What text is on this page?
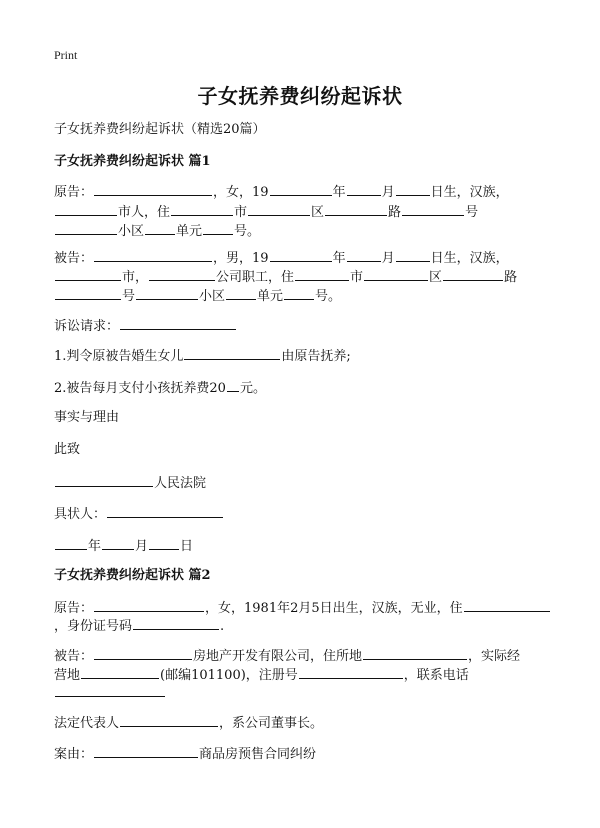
Print
子女抚养费纠纷起诉状
子女抚养费纠纷起诉状（精选20篇）
子女抚养费纠纷起诉状 篇1
原告：	，女，19	年	月	日生，汉族，
市人，住	市	区	路	号
小区 单元 号。
被告：	，男，19	年	月	日生，汉族，
市，	公司职工，住	市	区	路
号	小区 单元 号。
诉讼请求：
1.判令原被告婚生女儿	由原告抚养;
2.被告每月支付小孩抚养费20 元。
事实与理由
此致
人民法院
具状人：
年	月 日
子女抚养费纠纷起诉状 篇2
原告：	，女，1981年2月5日出生，汉族，无业，住
，身份证号码	.
被告：	房地产开发有限公司，住所地	，实际经
营地	(邮编101100)，注册号	，联系电话
法定代表人	，系公司董事长。
案由：	商品房预售合同纠纷
